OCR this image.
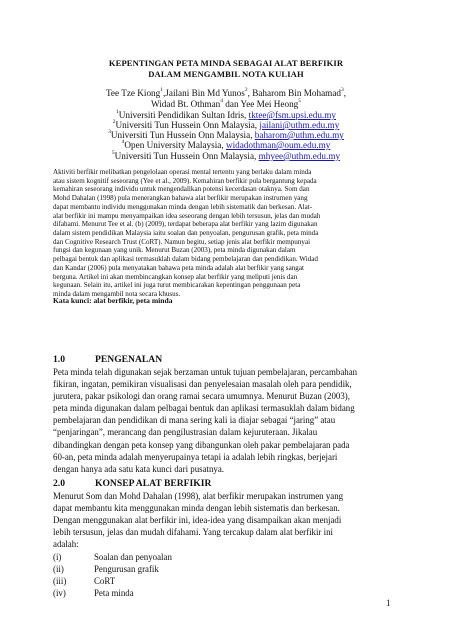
KEPENTINGAN PETA MINDA SEBAGAI ALAT BERFIKIR
DALAM MENGAMBIL NOTA KULIAH
Tee Tze Kiong$^1$,Jailani Bin Md Yunos$^2$, Baharom Bin Mohamad$^3$,
Widad Bt. Othman$^4$ dan Yee Mei Heong$^5$
$^1$Universiti Pendidikan Sultan Idris, tktee@fsm.upsi.edu.my
$^2$Universiti Tun Hussein Onn Malaysia, jailani@uthm.edu.my
$^3$Universiti Tun Hussein Onn Malaysia, baharom@uthm.edu.my
$^4$Open University Malaysia, widadothman@oum.edu.my
$^5$Universiti Tun Hussein Onn Malaysia, mhyee@uthm.edu.my
Aktiviti berfikir melibatkan pengelolaan operasi mental tertentu yang berlaku dalam minda
atau sistem kognitif seseorang (Yee et al., 2009). Kemahiran berfikir pula bergantung kepada
kemahiran seseorang individu untuk mengendalikan potensi kecerdasan otaknya. Som dan
Mohd Dahalan (1998) pula menerangkan bahawa alat berfikir merupakan instrumen yang
dapat membantu individu menggunakan minda dengan lebih sistematik dan berkesan. Alat-
alat berfikir ini mampu menyampaikan idea seseorang dengan lebih tersusun, jelas dan mudah
difahami. Menurut Tee et al. (b) (2009), terdapat beberapa alat berfikir yang lazim digunakan
dalam sistem pendidikan Malaysia iaitu soalan dan penyoalan, pengurusan grafik, peta minda
dan Cognitive Research Trust (CoRT). Namun begitu, setiap jenis alat berfikir mempunyai
fungsi dan kegunaan yang unik. Menurut Buzan (2003), peta minda digunakan dalam
pelbagai bentuk dan aplikasi termasuklah dalam bidang pembelajaran dan pendidikan. Widad
dan Kandar (2006) pula menyatakan bahawa peta minda adalah alat berfikir yang sangat
berguna. Artikel ini akan membincangkan konsep alat berfikir yang meliputi jenis dan
kegunaan. Selain itu, artikel ini juga turut membicarakan kepentingan penggunaan peta
minda dalam mengambil nota secara khusus.
Kata kunci: alat berfikir, peta minda
1.0	PENGENALAN
Peta minda telah digunakan sejak berzaman untuk tujuan pembelajaran, percambahan
fikiran, ingatan, pemikiran visualisasi dan penyelesaian masalah oleh para pendidik,
jurutera, pakar psikologi dan orang ramai secara umumnya. Menurut Buzan (2003),
peta minda digunakan dalam pelbagai bentuk dan aplikasi termasuklah dalam bidang
pembelajaran dan pendidikan di mana sering kali ia diajar sebagai “jaring” atau
“penjaringan”, merancang dan pengilustrasian dalam kejuruteraan. Jikalau
dibandingkan dengan peta konsep yang dibangunkan oleh pakar pembelajaran pada
60-an, peta minda adalah menyerupainya tetapi ia adalah lebih ringkas, berjejari
dengan hanya ada satu kata kunci dari pusatnya.
2.0	KONSEP ALAT BERFIKIR
Menurut Som dan Mohd Dahalan (1998), alat berfikir merupakan instrumen yang
dapat membantu kita menggunakan minda dengan lebih sistematis dan berkesan.
Dengan menggunakan alat berfikir ini, idea-idea yang disampaikan akan menjadi
lebih tersusun, jelas dan mudah difahami. Yang tercakup dalam alat berfikir ini
adalah:
(i)	Soalan dan penyoalan
(ii)	Pengurusan grafik
(iii)	CoRT
(iv)	Peta minda
1
